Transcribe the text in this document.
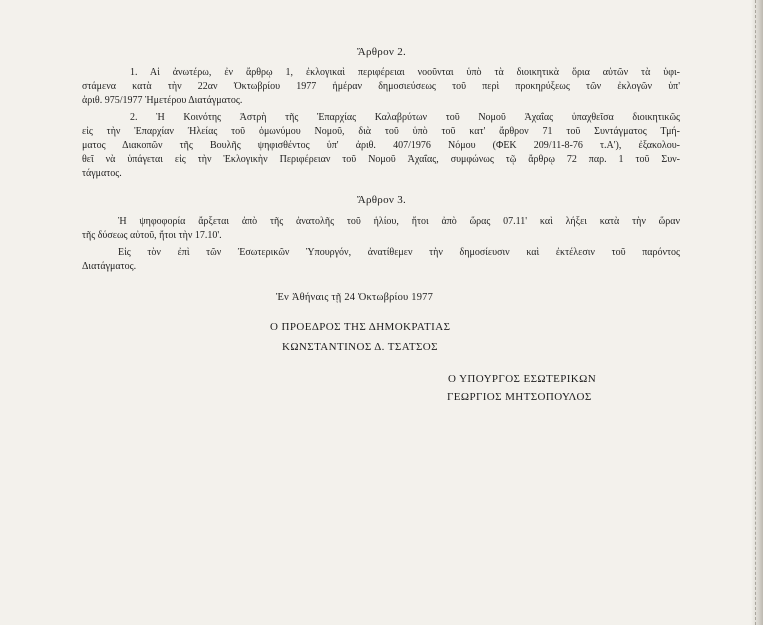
Ἄρθρον 2.
1. Αἱ ἀνωτέρω, ἐν ἄρθρῳ 1, ἐκλογικαὶ περιφέρειαι νοοῦνται ὑπὸ τὰ διοικητικὰ ὅρια αὐτῶν τὰ ὑφι-
στάμενα κατὰ τὴν 22αν Ὀκτωβρίου 1977 ἡμέραν δημοσιεύσεως τοῦ περὶ προκηρύξεως τῶν ἐκλογῶν ὑπ'
ἀριθ. 975/1977 Ἡμετέρου Διατάγματος.
2. Ἡ Κοινότης Ἀστρὴ τῆς Ἐπαρχίας Καλαβρύτων τοῦ Νομοῦ Ἀχαΐας ὑπαχθεῖσα διοικητικῶς
εἰς τὴν Ἐπαρχίαν Ἠλείας τοῦ ὁμωνύμου Νομοῦ, διὰ τοῦ ὑπὸ τοῦ κατ' ἄρθρον 71 τοῦ Συντάγματος Τμή-
ματος Διακοπῶν τῆς Βουλῆς ψηφισθέντος ὑπ' ἀριθ. 407/1976 Νόμου (ΦΕΚ 209/11-8-76 τ.Α'), ἐξακολου-
θεῖ νὰ ὑπάγεται εἰς τὴν Ἐκλογικὴν Περιφέρειαν τοῦ Νομοῦ Ἀχαΐας, συμφώνως τῷ ἄρθρῳ 72 παρ. 1 τοῦ Συν-
τάγματος.
Ἄρθρον 3.
Ἡ ψηφοφορία ἄρξεται ἀπὸ τῆς ἀνατολῆς τοῦ ἡλίου, ἤτοι ἀπὸ ὥρας 07.11' καὶ λήξει κατὰ τὴν ὥραν
τῆς δύσεως αὐτοῦ, ἤτοι τὴν 17.10'.
Εἰς τὸν ἐπὶ τῶν Ἐσωτερικῶν Ὑπουργόν, ἀνατίθεμεν τὴν δημοσίευσιν καὶ ἐκτέλεσιν τοῦ παρόντος
Διατάγματος.
Ἐν Ἀθήναις τῇ 24 Ὀκτωβρίου 1977
Ο ΠΡΟΕΔΡΟΣ ΤΗΣ ΔΗΜΟΚΡΑΤΙΑΣ
ΚΩΝΣΤΑΝΤΙΝΟΣ Δ. ΤΣΑΤΣΟΣ
Ο ΥΠΟΥΡΓΟΣ ΕΣΩΤΕΡΙΚΩΝ
ΓΕΩΡΓΙΟΣ ΜΗΤΣΟΠΟΥΛΟΣ
